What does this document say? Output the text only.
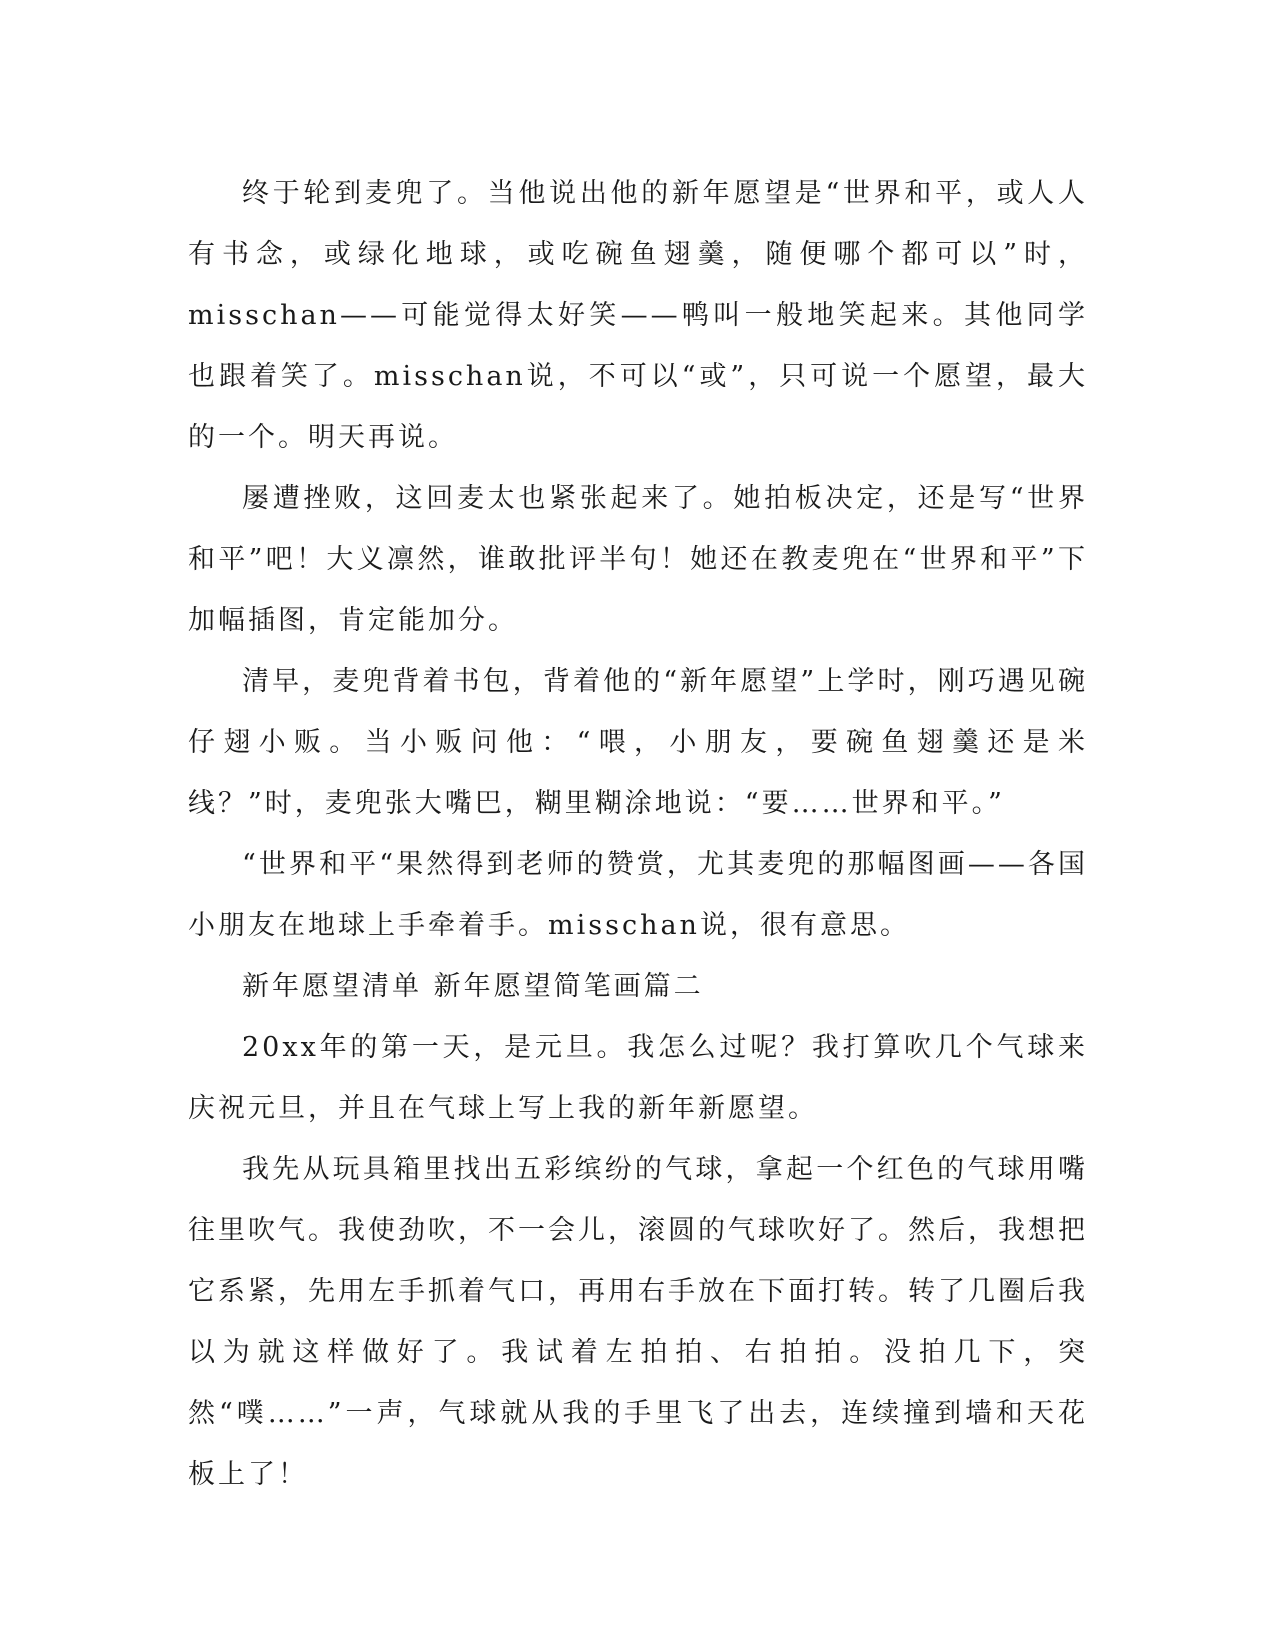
终于轮到麦兜了。当他说出他的新年愿望是“世界和平，或人人有书念，或绿化地球，或吃碗鱼翅羹，随便哪个都可以”时，misschan——可能觉得太好笑——鸭叫一般地笑起来。其他同学也跟着笑了。misschan说，不可以“或”，只可说一个愿望，最大的一个。明天再说。

屡遭挫败，这回麦太也紧张起来了。她拍板决定，还是写“世界和平”吧！大义凛然，谁敢批评半句！她还在教麦兜在“世界和平”下加幅插图，肯定能加分。

清早，麦兜背着书包，背着他的“新年愿望”上学时，刚巧遇见碗仔翅小贩。当小贩问他：“喂，小朋友，要碗鱼翅羹还是米线？”时，麦兜张大嘴巴，糊里糊涂地说：“要……世界和平。”

“世界和平“果然得到老师的赞赏，尤其麦兜的那幅图画——各国小朋友在地球上手牵着手。misschan说，很有意思。

新年愿望清单 新年愿望简笔画篇二

20xx年的第一天，是元旦。我怎么过呢？我打算吹几个气球来庆祝元旦，并且在气球上写上我的新年新愿望。

我先从玩具箱里找出五彩缤纷的气球，拿起一个红色的气球用嘴往里吹气。我使劲吹，不一会儿，滚圆的气球吹好了。然后，我想把它系紧，先用左手抓着气口，再用右手放在下面打转。转了几圈后我以为就这样做好了。我试着左拍拍、右拍拍。没拍几下，突然“噗……”一声，气球就从我的手里飞了出去，连续撞到墙和天花板上了！
